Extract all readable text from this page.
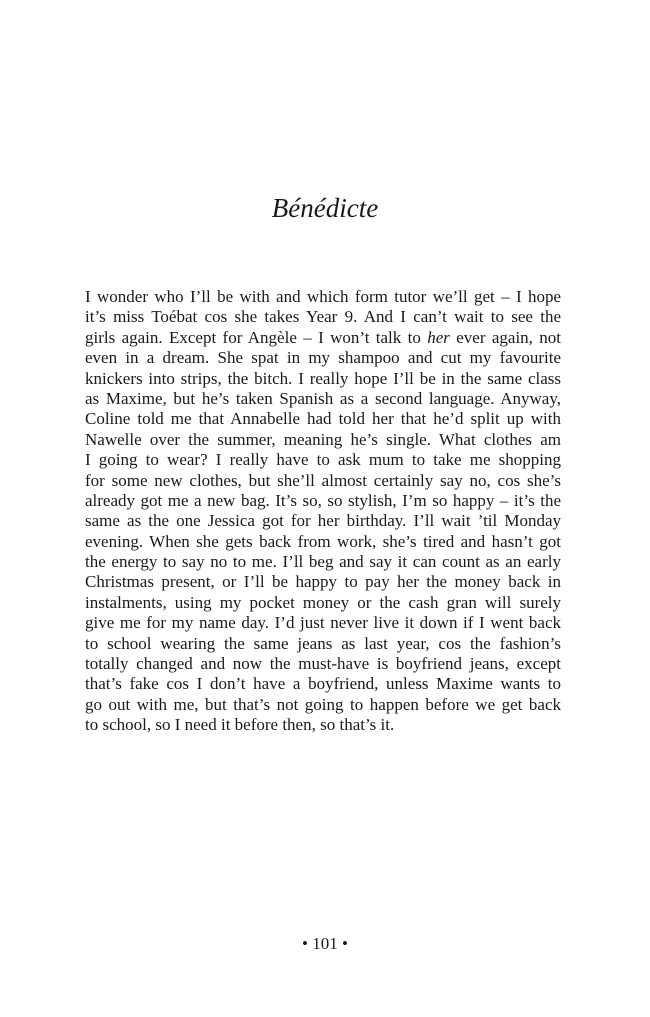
Bénédicte
I wonder who I’ll be with and which form tutor we’ll get – I hope
it’s miss Toébat cos she takes Year 9. And I can’t wait to see the
girls again. Except for Angèle – I won’t talk to her ever again, not
even in a dream. She spat in my shampoo and cut my favourite
knickers into strips, the bitch. I really hope I’ll be in the same class
as Maxime, but he’s taken Spanish as a second language. Anyway,
Coline told me that Annabelle had told her that he’d split up with
Nawelle over the summer, meaning he’s single. What clothes am
I going to wear? I really have to ask mum to take me shopping
for some new clothes, but she’ll almost certainly say no, cos she’s
already got me a new bag. It’s so, so stylish, I’m so happy – it’s the
same as the one Jessica got for her birthday. I’ll wait ’til Monday
evening. When she gets back from work, she’s tired and hasn’t got
the energy to say no to me. I’ll beg and say it can count as an early
Christmas present, or I’ll be happy to pay her the money back in
instalments, using my pocket money or the cash gran will surely
give me for my name day. I’d just never live it down if I went back
to school wearing the same jeans as last year, cos the fashion’s
totally changed and now the must-have is boyfriend jeans, except
that’s fake cos I don’t have a boyfriend, unless Maxime wants to
go out with me, but that’s not going to happen before we get back
to school, so I need it before then, so that’s it.
• 101 •
